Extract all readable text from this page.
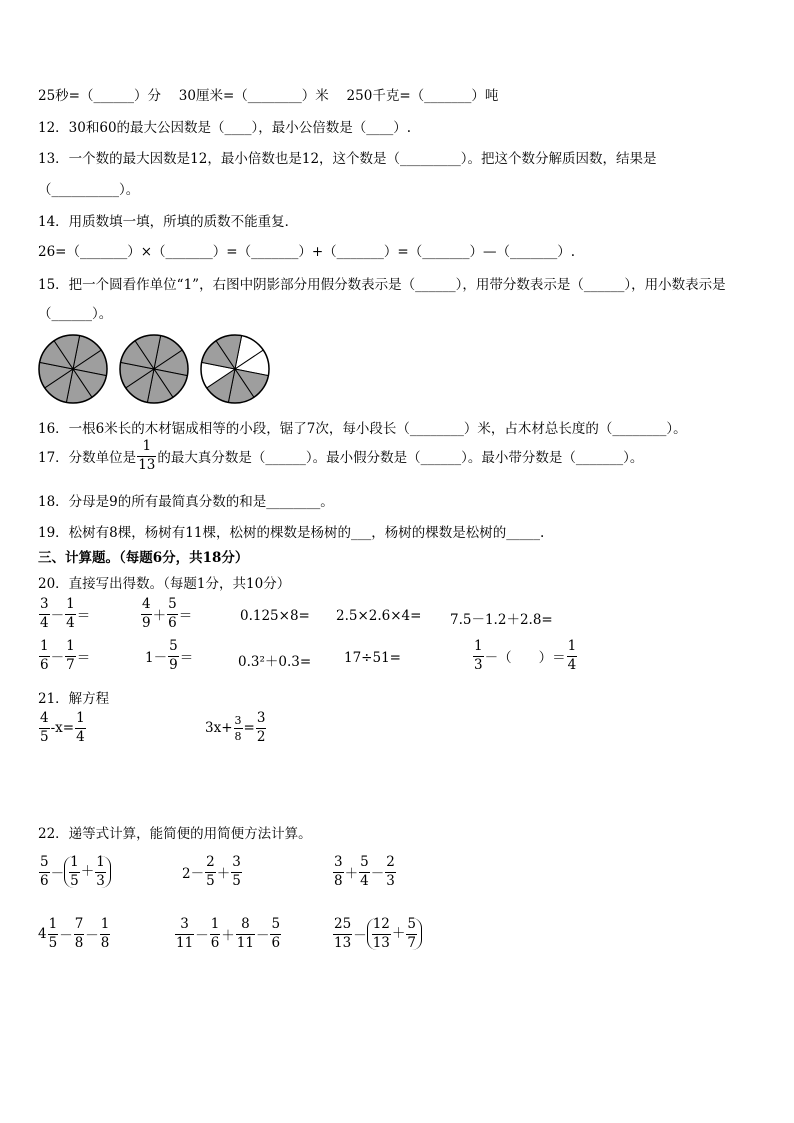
25秒=（______）分　 30厘米=（________）米　 250千克=（_______）吨
12．30和60的最大公因数是（____），最小公倍数是（____）.
13．一个数的最大因数是12，最小倍数也是12，这个数是（_________）。把这个数分解质因数，结果是
（__________）。
14．用质数填一填，所填的质数不能重复．
26=（_______）×（_______）=（_______）+（_______）=（_______）—（_______）.
15．把一个圆看作单位“1”，右图中阴影部分用假分数表示是（______），用带分数表示是（______），用小数表示是
（______）。
16．一根6米长的木材锯成相等的小段，锯了7次，每小段长（________）米，占木材总长度的（________）。
17．分数单位是 $\frac{1}{13}$ 的最大真分数是（______）。最小假分数是（______）。最小带分数是（_______）。
18．分母是9的所有最简真分数的和是________。
19．松树有8棵，杨树有11棵，松树的棵数是杨树的___，杨树的棵数是松树的_____.
三、计算题。（每题6分，共18分）
20．直接写出得数。（每题1分，共10分）
$\frac{3}{4} - \frac{1}{4}$ ＝	$\frac{4}{9} + \frac{5}{6}$ ＝	0.125×8= 2.5×2.6×4= 7.5－1.2＋2.8=
$\frac{1}{6} - \frac{1}{7}$ ＝	$1- \frac{5}{9}$ ＝	0.3²＋0.3= 17÷51=	$\frac{1}{3}$ －（　　）＝ $\frac{1}{4}$
21．解方程
$\frac{4}{5} -x= \frac{1}{4}$	$3x+ \frac{3}{8} = \frac{3}{2}$
22．递等式计算，能简便的用简便方法计算。
$\frac{5}{6} - \frac{1}{5} + \frac{1}{3}$	$2- \frac{2}{5} + \frac{3}{5}$	$\frac{3}{8} + \frac{5}{4} - \frac{2}{3}$
$4 \frac{1}{5} - \frac{7}{8} - \frac{1}{8}$	$\frac{3}{11} - \frac{1}{6} + \frac{8}{11} - \frac{5}{6}$	$\frac{25}{13} - \frac{12}{13} + \frac{5}{7}$
